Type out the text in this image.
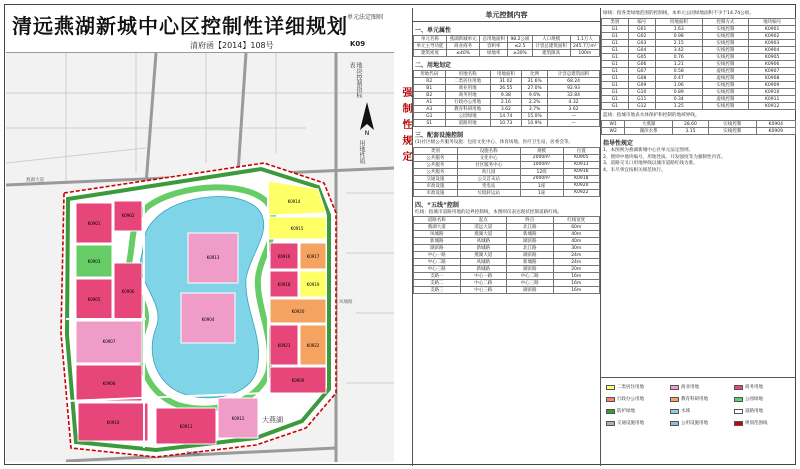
清远燕湖新城中心区控制性详细规划
清府函【2014】108号
单元法定图则
K09
K0901
K0902
K0903
K0904
K0905
K0906
K0907
K0908
K0909
K0910
K0911
K0912
K0913
K0914
K0915
K0916	K0917
K0918	K0919
K0920
K0921	K0922
燕湖大道
凤城路
新城路
地块控制指标表
用地性质
N
大燕湖
强制性规定
单元控制内容
一、单元属性
单元名称	燕湖新城单元	总用地面积	98.2公顷	人口规模	1.1万人
单元主导功能	商业商务	容积率	≤2.5	计容总建筑面积	245.7万m²
建筑密度	≤40%	绿地率	≥30%	建筑限高	100m
二、用地划定
用地代码	用地名称	用地面积	比例	计容总建筑面积
R2	二类居住用地	31.02	31.6%	68.24
B1	商业用地	26.55	27.0%	92.93
B2	商务用地	9.38	9.6%	32.84
A1	行政办公用地	2.16	2.2%	4.32
A3	教育科研用地	3.62	3.7%	3.62
G1	公园绿地	14.74	15.0%	—
S1	道路用地	10.73	10.9%	—
三、配套设施控制
(1)社区级公共服务设施：包括文化中心、体育场地、医疗卫生站、居委会等。
类别	设施名称	规模	位置
公共服务	文化中心	2000m²	K0905
公共服务	社区服务中心	1000m²	K0913
公共服务	幼儿园	12班	K0916
交通设施	公交首末站	2000m²	K0918
市政设施	变电站	1座	K0920
市政设施	垃圾转运站	1座	K0922
四、“五线”控制
红线：指城市道路用地的边界控制线，本图则仅表达现状控制道路红线。
道路名称	起点	终点	红线宽度
燕湖大道	清远大道	北江路	60m
凤城路	燕湖大道	新城路	40m
新城路	凤城路	湖滨路	40m
湖滨路	新城路	北江路	30m
中心一路	燕湖大道	湖滨路	24m
中心二路	凤城路	新城路	24m
中心三路	新城路	湖滨路	20m
支路一	中心一路	中心二路	16m
支路二	中心二路	中心三路	16m
支路三	中心三路	湖滨路	16m
绿线：指各类绿地范围的控制线，本单元公园绿地面积不少于14.74公顷。
类别	编号	用地面积	控制方式	地块编号
G1	G01	1.63	实线控制	K0901
G1	G02	0.98	实线控制	K0902
G1	G03	2.15	实线控制	K0903
G1	G04	3.42	实线控制	K0904
G1	G05	0.76	实线控制	K0905
G1	G06	1.21	实线控制	K0906
G1	G07	0.58	虚线控制	K0907
G1	G08	0.47	虚线控制	K0908
G1	G09	1.06	实线控制	K0909
G1	G10	0.89	实线控制	K0910
G1	G11	0.34	虚线控制	K0911
G1	G12	1.25	实线控制	K0912
蓝线：指城市地表水体保护和控制的地域界线。
W1	大燕湖	28.60	实线控制	K0904
W2	湖滨水系	3.15	实线控制	K0909
指导性规定
1、本图则为燕湖新城中心区单元法定图则。
2、图则中地块编号、用地性质、开发强度等为强制性内容。
3、道路交叉口用地界线以城市道路红线为准。
4、未尽事宜按相关规范执行。
二类居住用地	商业用地	商务用地
行政办公用地	教育科研用地	公园绿地
防护绿地	水域	道路用地
交通设施用地	公用设施用地	规划范围线
